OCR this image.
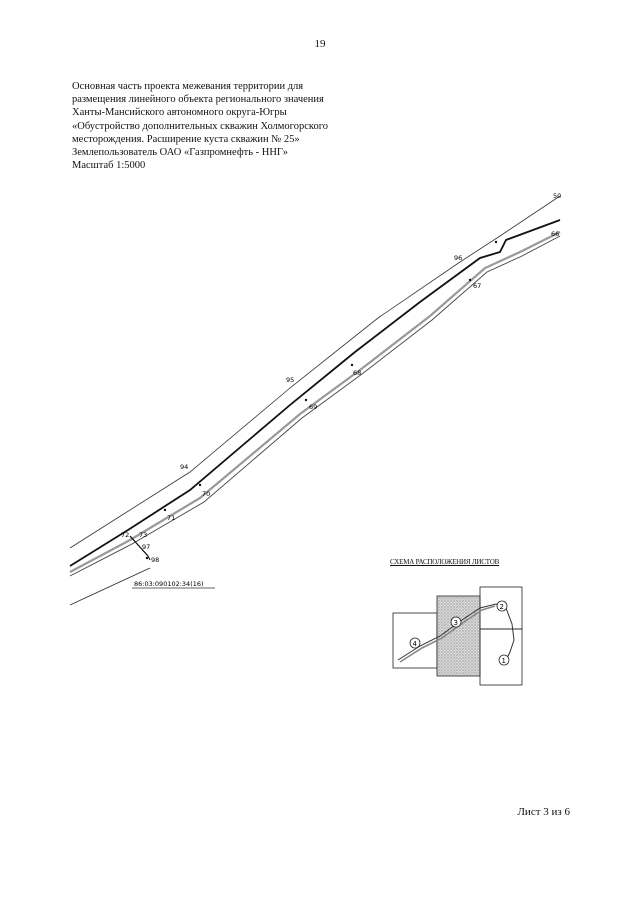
19
Основная часть проекта межевания территории для
размещения линейного объекта регионального значения
Ханты-Мансийского автономного округа-Югры
«Обустройство дополнительных скважин Холмогорского
месторождения. Расширение куста скважин № 25»
Землепользователь ОАО «Газпромнефть - ННГ»
Масштаб 1:5000
50
66
96
67
95
68
69
94
70
71
72 73
97
98
86:03:090102:34(16)
4
3
2
1
СХЕМА РАСПОЛОЖЕНИЯ ЛИСТОВ
Лист 3 из 6
